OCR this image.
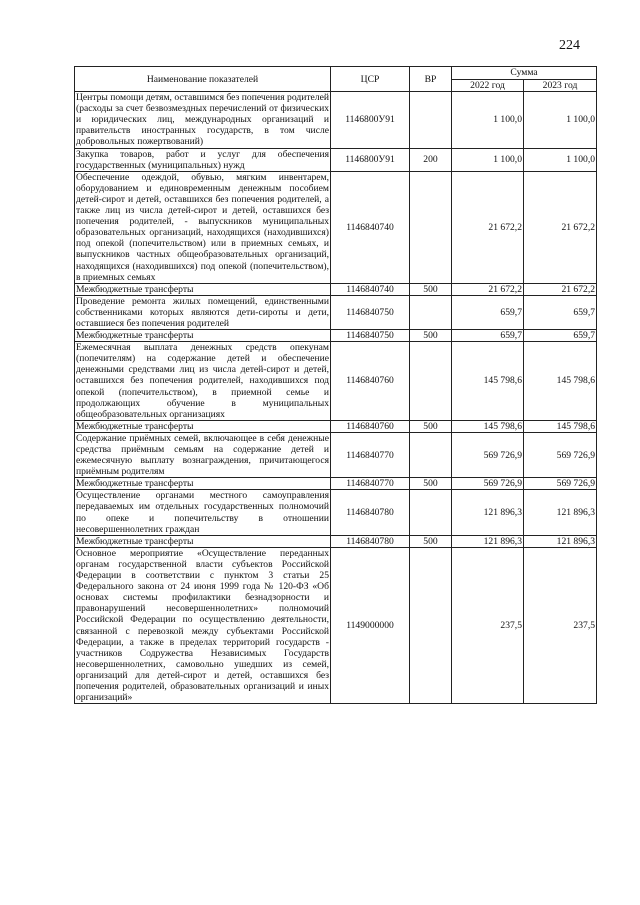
224
Наименование показателей	ЦСР	ВР	Сумма	
			2022 год	2023 год
Центры помощи детям, оставшимся без попечения родителей (расходы за счет безвозмездных перечислений от физических и юридических лиц, международных организаций и правительств иностранных государств, в том числе добровольных пожертвований)	1146800У91		1 100,0	1 100,0
Закупка товаров, работ и услуг для обеспечения государственных (муниципальных) нужд	1146800У91	200	1 100,0	1 100,0
Обеспечение одеждой, обувью, мягким инвентарем, оборудованием и единовременным денежным пособием детей-сирот и детей, оставшихся без попечения родителей, а также лиц из числа детей-сирот и детей, оставшихся без попечения родителей, - выпускников муниципальных образовательных организаций, находящихся (находившихся) под опекой (попечительством) или в приемных семьях, и выпускников частных общеобразовательных организаций, находящихся (находившихся) под опекой (попечительством), в приемных семьях	1146840740		21 672,2	21 672,2
Межбюджетные трансферты	1146840740	500	21 672,2	21 672,2
Проведение ремонта жилых помещений, единственными собственниками которых являются дети-сироты и дети, оставшиеся без попечения родителей	1146840750		659,7	659,7
Межбюджетные трансферты	1146840750	500	659,7	659,7
Ежемесячная выплата денежных средств опекунам (попечителям) на содержание детей и обеспечение денежными средствами лиц из числа детей-сирот и детей, оставшихся без попечения родителей, находившихся под опекой (попечительством), в приемной семье и продолжающих обучение в муниципальных общеобразовательных организациях	1146840760		145 798,6	145 798,6
Межбюджетные трансферты	1146840760	500	145 798,6	145 798,6
Содержание приёмных семей, включающее в себя денежные средства приёмным семьям на содержание детей и ежемесячную выплату вознаграждения, причитающегося приёмным родителям	1146840770		569 726,9	569 726,9
Межбюджетные трансферты	1146840770	500	569 726,9	569 726,9
Осуществление органами местного самоуправления передаваемых им отдельных государственных полномочий по опеке и попечительству в отношении несовершеннолетних граждан	1146840780		121 896,3	121 896,3
Межбюджетные трансферты	1146840780	500	121 896,3	121 896,3
Основное мероприятие «Осуществление переданных органам государственной власти субъектов Российской Федерации в соответствии с пунктом 3 статьи 25 Федерального закона от 24 июня 1999 года № 120-ФЗ «Об основах системы профилактики безнадзорности и правонарушений несовершеннолетних» полномочий Российской Федерации по осуществлению деятельности, связанной с перевозкой между субъектами Российской Федерации, а также в пределах территорий государств - участников Содружества Независимых Государств несовершеннолетних, самовольно ушедших из семей, организаций для детей-сирот и детей, оставшихся без попечения родителей, образовательных организаций и иных организаций»	1149000000		237,5	237,5
